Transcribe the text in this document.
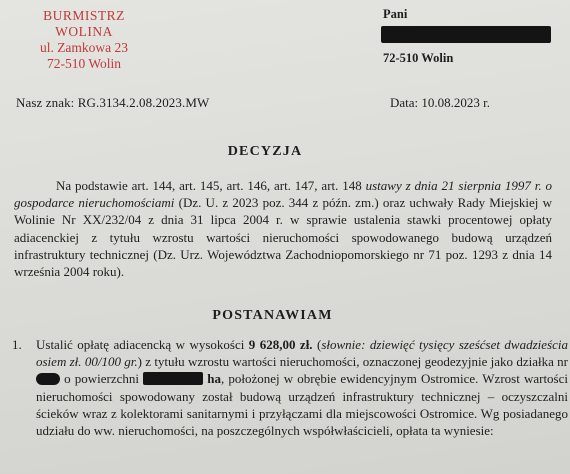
BURMISTRZ WOLINA
ul. Zamkowa 23
72-510 Wolin
Pani
72-510 Wolin
Nasz znak: RG.3134.2.08.2023.MW	Data: 10.08.2023 r.
DECYZJA
Na podstawie art. 144, art. 145, art. 146, art. 147, art. 148 ustawy z dnia 21 sierpnia 1997 r. o gospodarce nieruchomościami (Dz. U. z 2023 poz. 344 z późn. zm.) oraz uchwały Rady Miejskiej w Wolinie Nr XX/232/04 z dnia 31 lipca 2004 r. w sprawie ustalenia stawki procentowej opłaty adiacenckiej z tytułu wzrostu wartości nieruchomości spowodowanego budową urządzeń infrastruktury technicznej (Dz. Urz. Województwa Zachodniopomorskiego nr 71 poz. 1293 z dnia 14 września 2004 roku).
POSTANAWIAM
1. Ustalić opłatę adiacencką w wysokości 9 628,00 zł. (słownie: dziewięć tysięcy sześćset dwadzieścia osiem zł. 00/100 gr.) z tytułu wzrostu wartości nieruchomości, oznaczonej geodezyjnie jako działka nr o powierzchni	ha, położonej w obrębie ewidencyjnym Ostromice. Wzrost wartości nieruchomości spowodowany został budową urządzeń infrastruktury technicznej – oczyszczalni ścieków wraz z kolektorami sanitarnymi i przyłączami dla miejscowości Ostromice. Wg posiadanego udziału do ww. nieruchomości, na poszczególnych współwłaścicieli, opłata ta wyniesie:
